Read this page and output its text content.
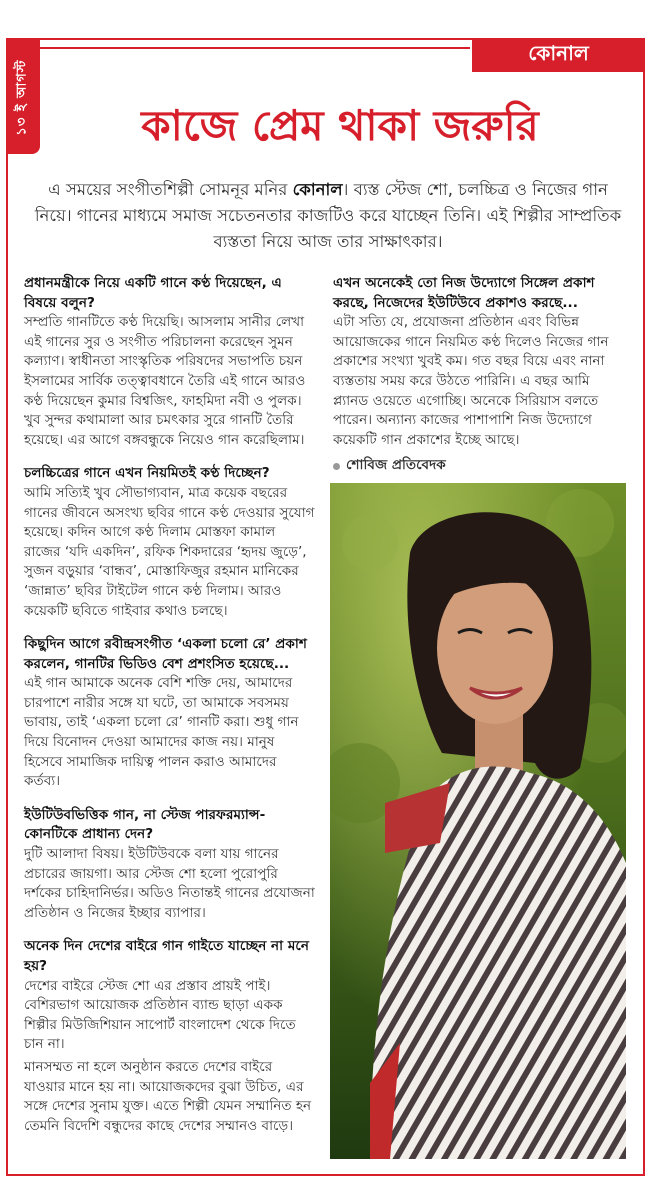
১৩ ই আগস্ট
কোনাল
কাজে প্রেম থাকা জরুরি

এ সময়ের সংগীতশিল্পী সোমনূর মনির কোনাল। ব্যস্ত স্টেজ শো, চলচ্চিত্র ও নিজের গান নিয়ে। গানের মাধ্যমে সমাজ সচেতনতার কাজটিও করে যাচ্ছেন তিনি। এই শিল্পীর সাম্প্রতিক ব্যস্ততা নিয়ে আজ তার সাক্ষাৎকার।

প্রধানমন্ত্রীকে নিয়ে একটি গানে কণ্ঠ দিয়েছেন, এ বিষয়ে বলুন?
সম্প্রতি গানটিতে কণ্ঠ দিয়েছি। আসলাম সানীর লেখা এই গানের সুর ও সংগীত পরিচালনা করেছেন সুমন কল্যাণ। স্বাধীনতা সাংস্কৃতিক পরিষদের সভাপতি চয়ন ইসলামের সার্বিক তত্ত্বাবধানে তৈরি এই গানে আরও কণ্ঠ দিয়েছেন কুমার বিশ্বজিৎ, ফাহমিদা নবী ও পুলক। খুব সুন্দর কথামালা আর চমৎকার সুরে গানটি তৈরি হয়েছে। এর আগে বঙ্গবন্ধুকে নিয়েও গান করেছিলাম।
চলচ্চিত্রের গানে এখন নিয়মিতই কণ্ঠ দিচ্ছেন?
আমি সত্যিই খুব সৌভাগ্যবান, মাত্র কয়েক বছরের গানের জীবনে অসংখ্য ছবির গানে কণ্ঠ দেওয়ার সুযোগ হয়েছে। কদিন আগে কণ্ঠ দিলাম মোস্তফা কামাল রাজের ‘যদি একদিন’, রফিক শিকদারের ‘হৃদয় জুড়ে’, সুজন বড়ুয়ার ‘বান্ধব’, মোস্তাফিজুর রহমান মানিকের ‘জান্নাত’ ছবির টাইটেল গানে কণ্ঠ দিলাম। আরও কয়েকটি ছবিতে গাইবার কথাও চলছে।
কিছুদিন আগে রবীন্দ্রসংগীত ‘একলা চলো রে’ প্রকাশ করলেন, গানটির ভিডিও বেশ প্রশংসিত হয়েছে...
এই গান আমাকে অনেক বেশি শক্তি দেয়, আমাদের চারপাশে নারীর সঙ্গে যা ঘটে, তা আমাকে সবসময় ভাবায়, তাই ‘একলা চলো রে’ গানটি করা। শুধু গান দিয়ে বিনোদন দেওয়া আমাদের কাজ নয়। মানুষ হিসেবে সামাজিক দায়িত্ব পালন করাও আমাদের কর্তব্য।
ইউটিউবভিত্তিক গান, না স্টেজ পারফরম্যান্স- কোনটিকে প্রাধান্য দেন?
দুটি আলাদা বিষয়। ইউটিউবকে বলা যায় গানের প্রচারের জায়গা। আর স্টেজ শো হলো পুরোপুরি দর্শকের চাহিদানির্ভর। অডিও নিতান্তই গানের প্রযোজনা প্রতিষ্ঠান ও নিজের ইচ্ছার ব্যাপার।
অনেক দিন দেশের বাইরে গান গাইতে যাচ্ছেন না মনে হয়?
দেশের বাইরে স্টেজ শো এর প্রস্তাব প্রায়ই পাই। বেশিরভাগ আয়োজক প্রতিষ্ঠান ব্যান্ড ছাড়া একক শিল্পীর মিউজিশিয়ান সাপোর্ট বাংলাদেশ থেকে দিতে চান না।
মানসম্মত না হলে অনুষ্ঠান করতে দেশের বাইরে যাওয়ার মানে হয় না। আয়োজকদের বুঝা উচিত, এর সঙ্গে দেশের সুনাম যুক্ত। এতে শিল্পী যেমন সম্মানিত হন তেমনি বিদেশি বন্ধুদের কাছে দেশের সম্মানও বাড়ে।
এখন অনেকেই তো নিজ উদ্যোগে সিঙ্গেল প্রকাশ করছে, নিজেদের ইউটিউবে প্রকাশও করছে...
এটা সত্যি যে, প্রযোজনা প্রতিষ্ঠান এবং বিভিন্ন আয়োজকের গানে নিয়মিত কণ্ঠ দিলেও নিজের গান প্রকাশের সংখ্যা খুবই কম। গত বছর বিয়ে এবং নানা ব্যস্ততায় সময় করে উঠতে পারিনি। এ বছর আমি প্ল্যানড ওয়েতে এগোচ্ছি। অনেকে সিরিয়াস বলতে পারেন। অন্যান্য কাজের পাশাপাশি নিজ উদ্যোগে কয়েকটি গান প্রকাশের ইচ্ছে আছে।
শোবিজ প্রতিবেদক
